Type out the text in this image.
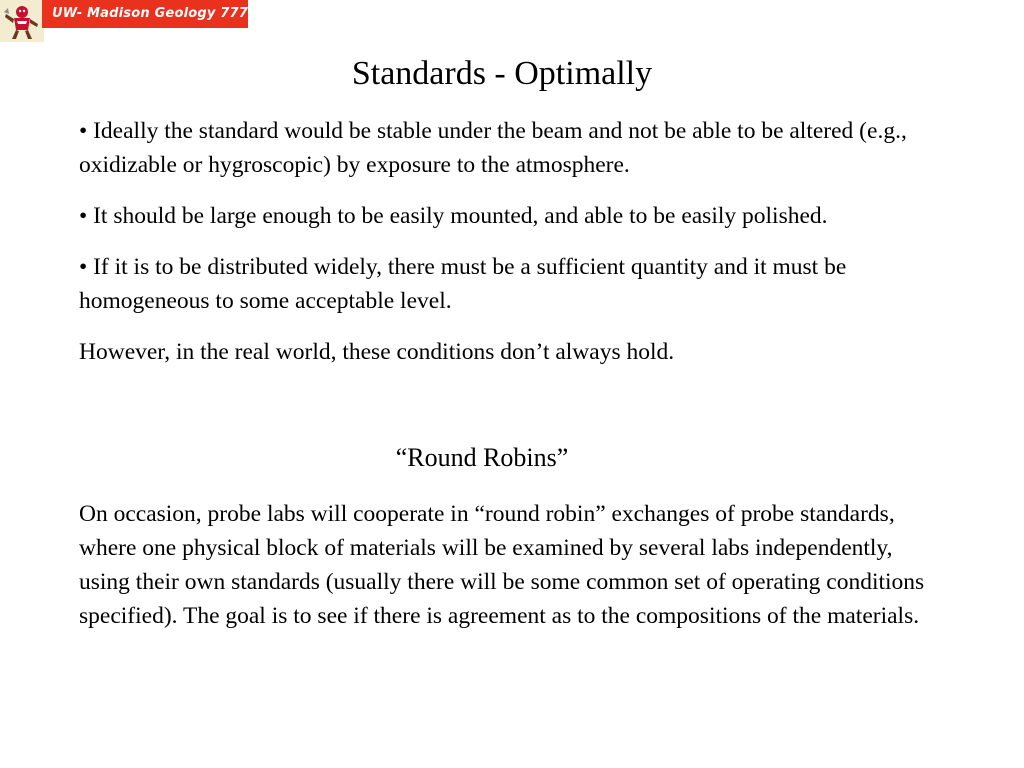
UW- Madison Geology 777
Standards - Optimally

• Ideally the standard would be stable under the beam and not be able to be altered (e.g., oxidizable or hygroscopic) by exposure to the atmosphere.

• It should be large enough to be easily mounted, and able to be easily polished.

• If it is to be distributed widely, there must be a sufficient quantity and it must be homogeneous to some acceptable level.

However, in the real world, these conditions don’t always hold.

“Round Robins”

On occasion, probe labs will cooperate in “round robin” exchanges of probe standards, where one physical block of materials will be examined by several labs independently, using their own standards (usually there will be some common set of operating conditions specified). The goal is to see if there is agreement as to the compositions of the materials.
